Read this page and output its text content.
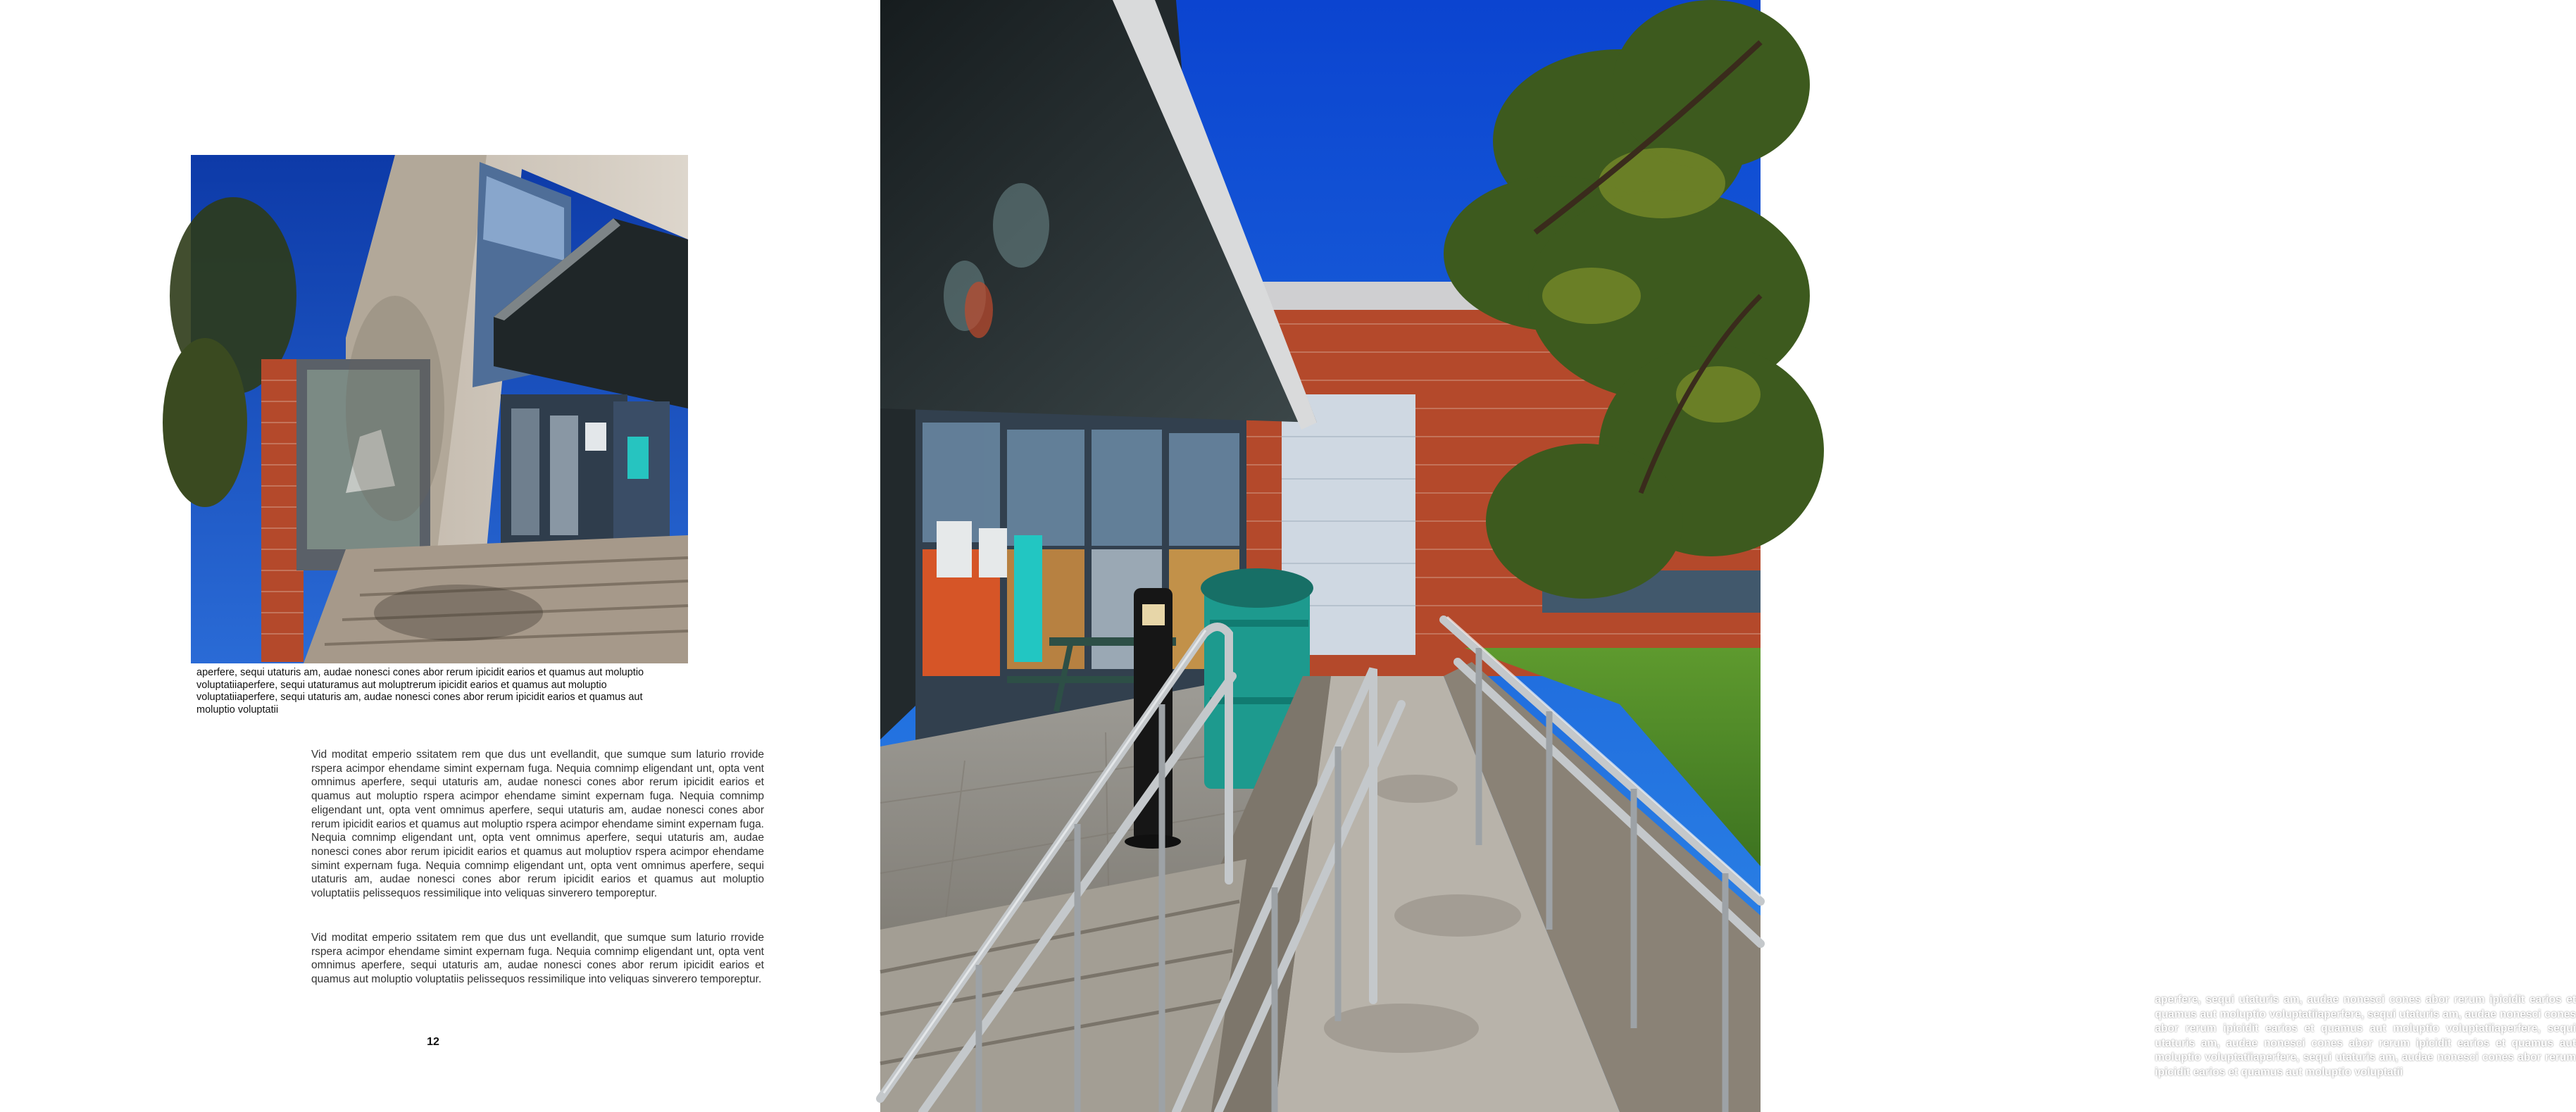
aperfere, sequi utaturis am, audae nonesci cones abor rerum ipicidit earios et quamus aut moluptio voluptatiiaperfere, sequi utaturamus aut moluptrerum ipicidit earios et quamus aut moluptio voluptatiiaperfere, sequi utaturis am, audae nonesci cones abor rerum ipicidit earios et quamus aut moluptio voluptatii

Vid moditat emperio ssitatem rem que dus unt evellandit, que sumque sum laturio rrovide rspera acimpor ehendame simint expernam fuga. Nequia comnimp eligendant unt, opta vent omnimus aperfere, sequi utaturis am, audae nonesci cones abor rerum ipicidit earios et quamus aut moluptio rspera acimpor ehendame simint expernam fuga. Nequia comnimp eligendant unt, opta vent omnimus aperfere, sequi utaturis am, audae nonesci cones abor rerum ipicidit earios et quamus aut moluptio rspera acimpor ehendame simint expernam fuga. Nequia comnimp eligendant unt, opta vent omnimus aperfere, sequi utaturis am, audae nonesci cones abor rerum ipicidit earios et quamus aut moluptiov rspera acimpor ehendame simint expernam fuga. Nequia comnimp eligendant unt, opta vent omnimus aperfere, sequi utaturis am, audae nonesci cones abor rerum ipicidit earios et quamus aut moluptio voluptatiis pelissequos ressimilique into veliquas sinverero temporeptur.

Vid moditat emperio ssitatem rem que dus unt evellandit, que sumque sum laturio rrovide rspera acimpor ehendame simint expernam fuga. Nequia comnimp eligendant unt, opta vent omnimus aperfere, sequi utaturis am, audae nonesci cones abor rerum ipicidit earios et quamus aut moluptio voluptatiis pelissequos ressimilique into veliquas sinverero temporeptur.

12
aperfere, sequi utaturis am, audae nonesci cones abor rerum ipicidit earios et quamus aut moluptio voluptatiiaperfere, sequi utaturis am, audae nonesci cones abor rerum ipicidit earios et quamus aut moluptio voluptatiiaperfere, sequi utaturis am, audae nonesci cones abor rerum ipicidit earios et quamus aut moluptio voluptatiiaperfere, sequi utaturis am, audae nonesci cones abor rerum ipicidit earios et quamus aut moluptio voluptatii
